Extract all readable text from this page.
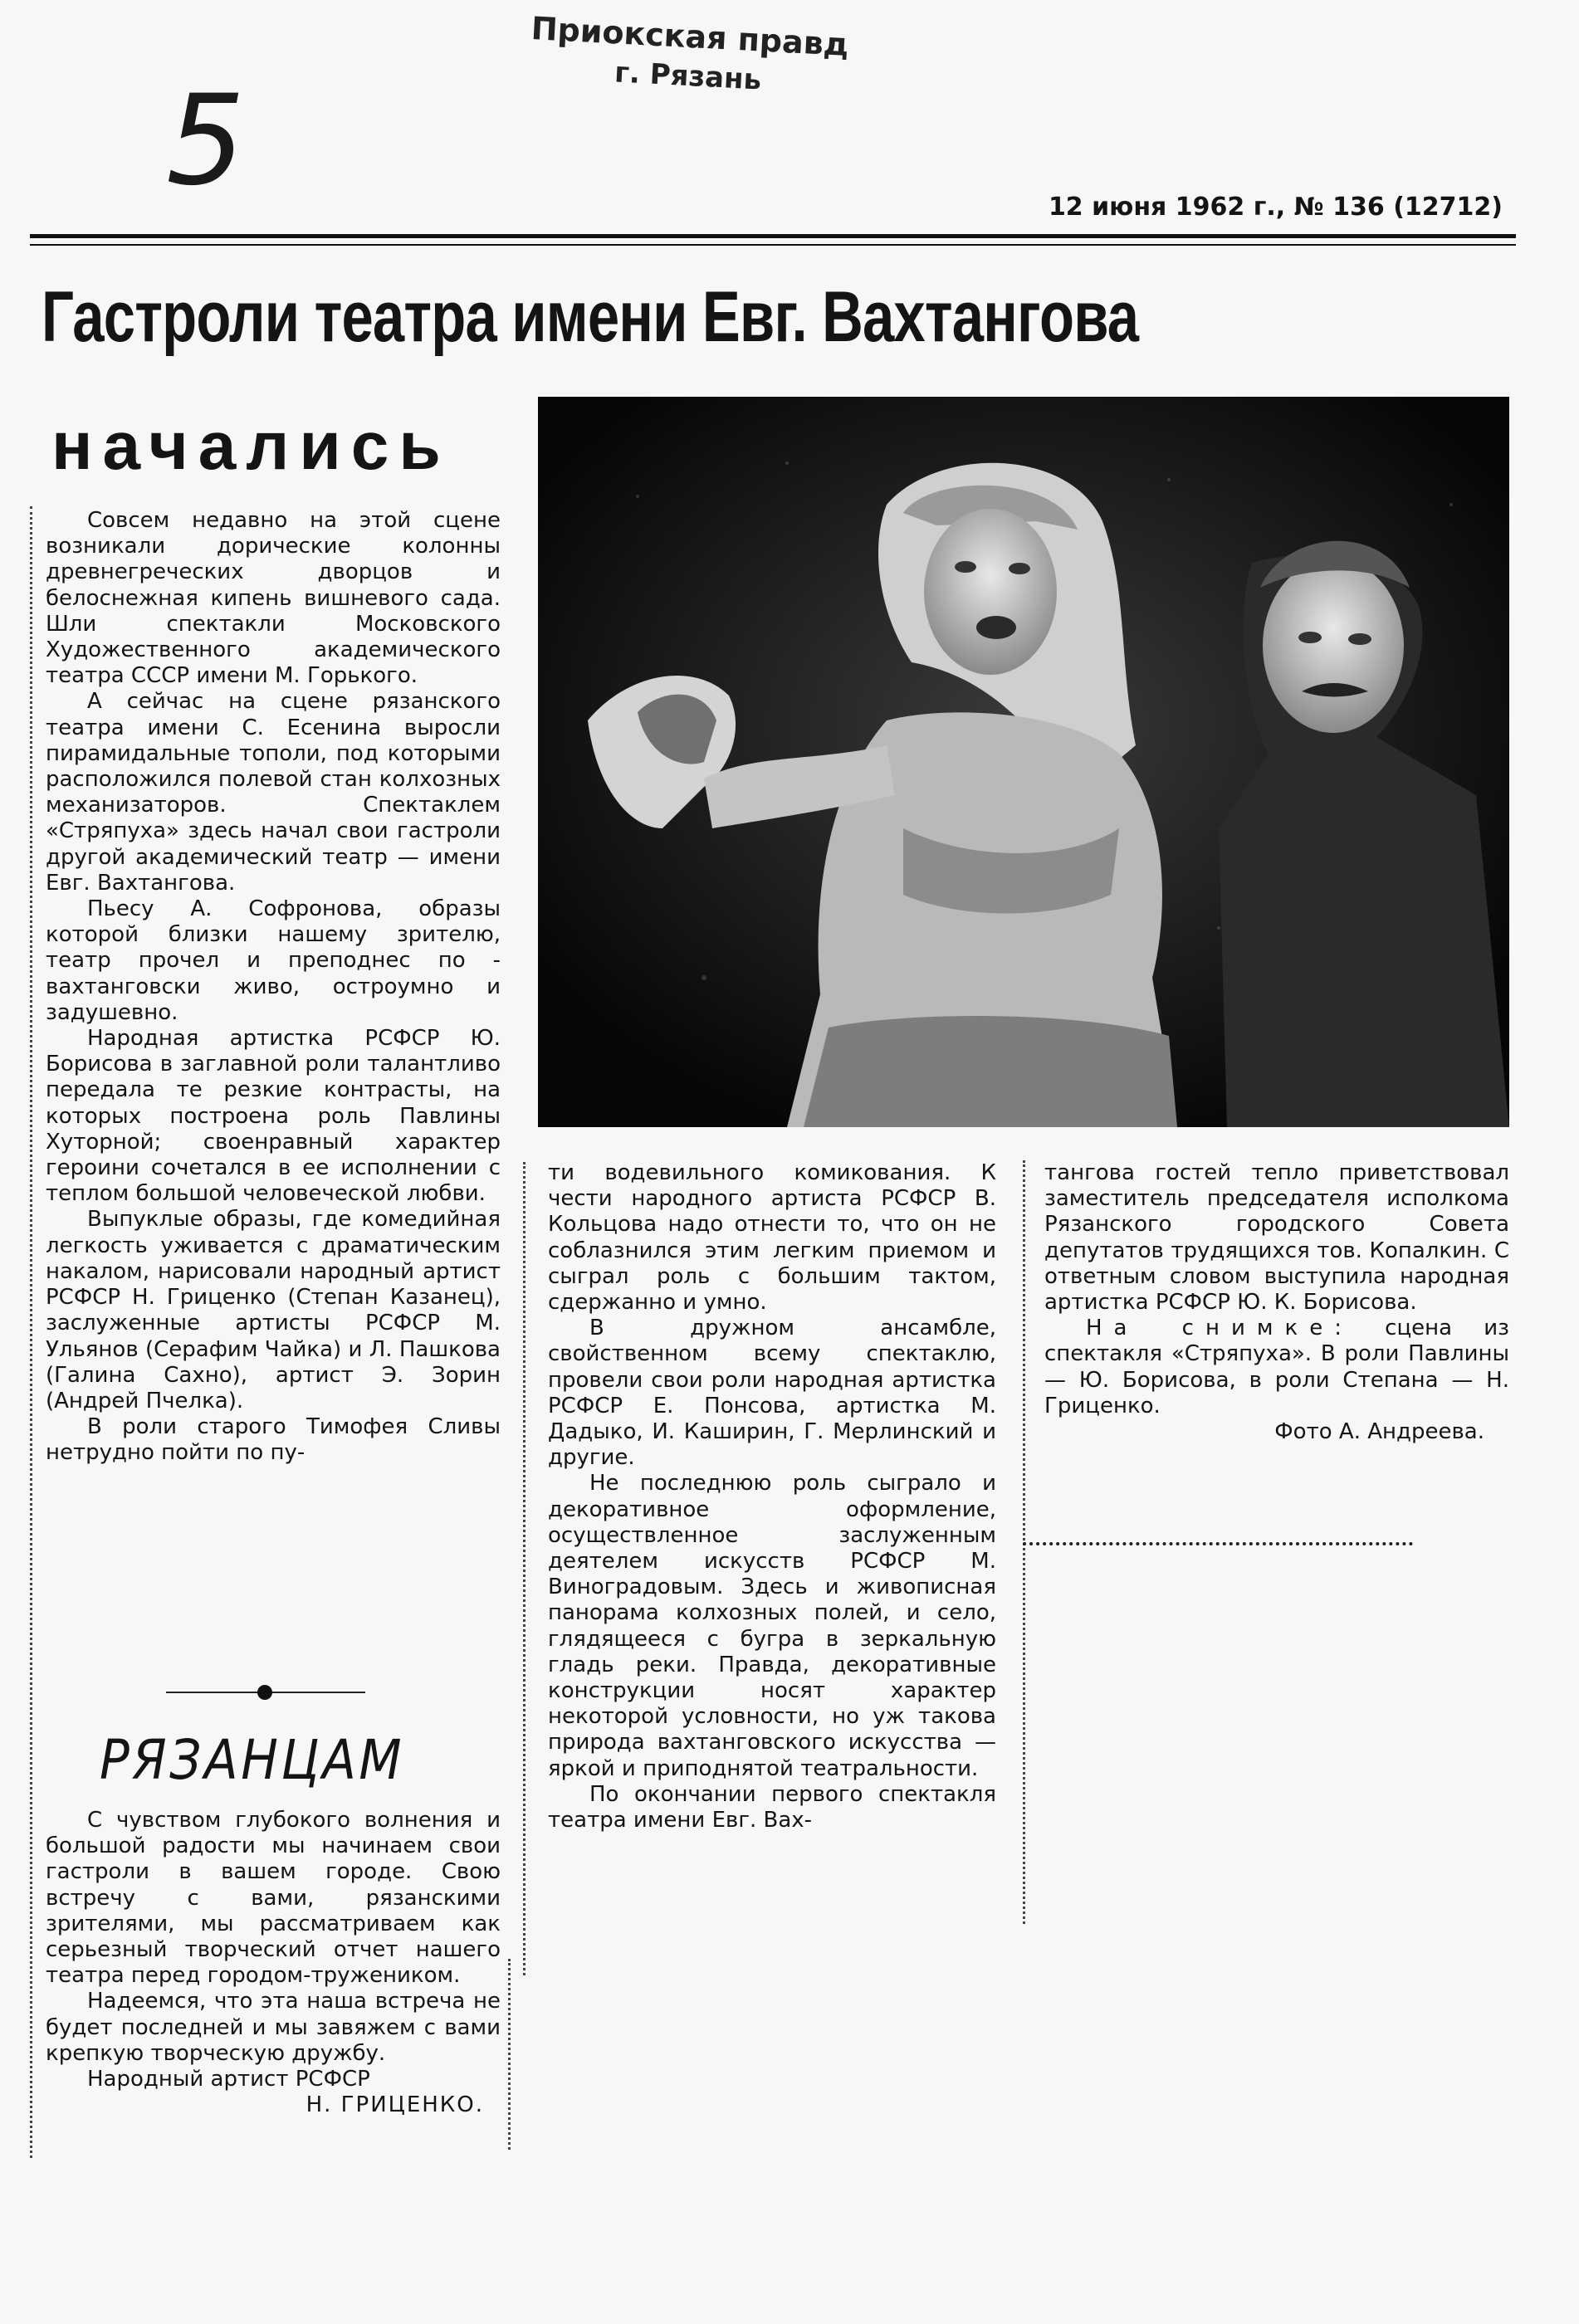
Приокская правд
г. Рязань
5	12 июня 1962 г., № 136 (12712)
Гастроли театра имени Евг. Вахтангова
начались

Совсем недавно на этой сцене возникали дорические колонны древнегреческих дворцов и белоснежная кипень вишневого сада. Шли спектакли Московского Художественного академического театра СССР имени М. Горького.

А сейчас на сцене рязанского театра имени С. Есенина выросли пирамидальные тополи, под которыми расположился полевой стан колхозных механизаторов. Спектаклем «Стряпуха» здесь начал свои гастроли другой академический театр — имени Евг. Вахтангова.

Пьесу А. Софронова, образы которой близки нашему зрителю, театр прочел и преподнес по - вахтанговски живо, остроумно и задушевно.

Народная артистка РСФСР Ю. Борисова в заглавной роли талантливо передала те резкие контрасты, на которых построена роль Павлины Хуторной; своенравный характер героини сочетался в ее исполнении с теплом большой человеческой любви.

Выпуклые образы, где комедийная легкость уживается с драматическим накалом, нарисовали народный артист РСФСР Н. Гриценко (Степан Казанец), заслуженные артисты РСФСР М. Ульянов (Серафим Чайка) и Л. Пашкова (Галина Сахно), артист Э. Зорин (Андрей Пчелка).

В роли старого Тимофея Сливы нетрудно пойти по пу-

РЯЗАНЦАМ

С чувством глубокого волнения и большой радости мы начинаем свои гастроли в вашем городе. Свою встречу с вами, рязанскими зрителями, мы рассматриваем как серьезный творческий отчет нашего театра перед городом-тружеником.

Надеемся, что эта наша встреча не будет последней и мы завяжем с вами крепкую творческую дружбу.

Народный артист РСФСР

Н. ГРИЦЕНКО.

ти водевильного комикования. К чести народного артиста РСФСР В. Кольцова надо отнести то, что он не соблазнился этим легким приемом и сыграл роль с большим тактом, сдержанно и умно.

В дружном ансамбле, свойственном всему спектаклю, провели свои роли народная артистка РСФСР Е. Понсова, артистка М. Дадыко, И. Каширин, Г. Мерлинский и другие.

Не последнюю роль сыграло и декоративное оформление, осуществленное заслуженным деятелем искусств РСФСР М. Виноградовым. Здесь и живописная панорама колхозных полей, и село, глядящееся с бугра в зеркальную гладь реки. Правда, декоративные конструкции носят характер некоторой условности, но уж такова природа вахтанговского искусства — яркой и приподнятой театральности.

По окончании первого спектакля театра имени Евг. Вах-

тангова гостей тепло приветствовал заместитель председателя исполкома Рязанского городского Совета депутатов трудящихся тов. Копалкин. С ответным словом выступила народная артистка РСФСР Ю. К. Борисова.

На снимке: сцена из спектакля «Стряпуха». В роли Павлины — Ю. Борисова, в роли Степана — Н. Гриценко.

Фото А. Андреева.
